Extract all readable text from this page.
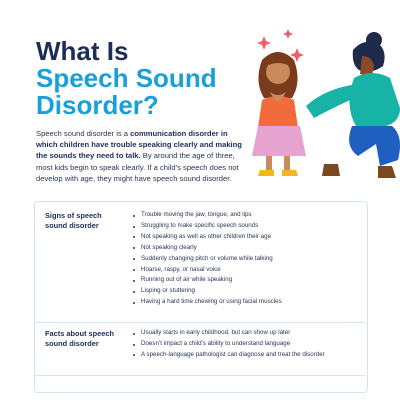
What Is
Speech Sound
Disorder?

Speech sound disorder is a communication disorder in which children have trouble speaking clearly and making the sounds they need to talk. By around the age of three, most kids begin to speak clearly. If a child’s speech does not develop with age, they might have speech sound disorder.

Signs of speech sound disorder
Trouble moving the jaw, tongue, and lips
Struggling to make specific speech sounds
Not speaking as well as other children their age
Not speaking clearly
Suddenly changing pitch or volume while talking
Hoarse, raspy, or nasal voice
Running out of air while speaking
Lisping or stuttering
Having a hard time chewing or using facial muscles
Facts about speech sound disorder
Usually starts in early childhood, but can show up later
Doesn’t impact a child’s ability to understand language
A speech-language pathologist can diagnose and treat the disorder
